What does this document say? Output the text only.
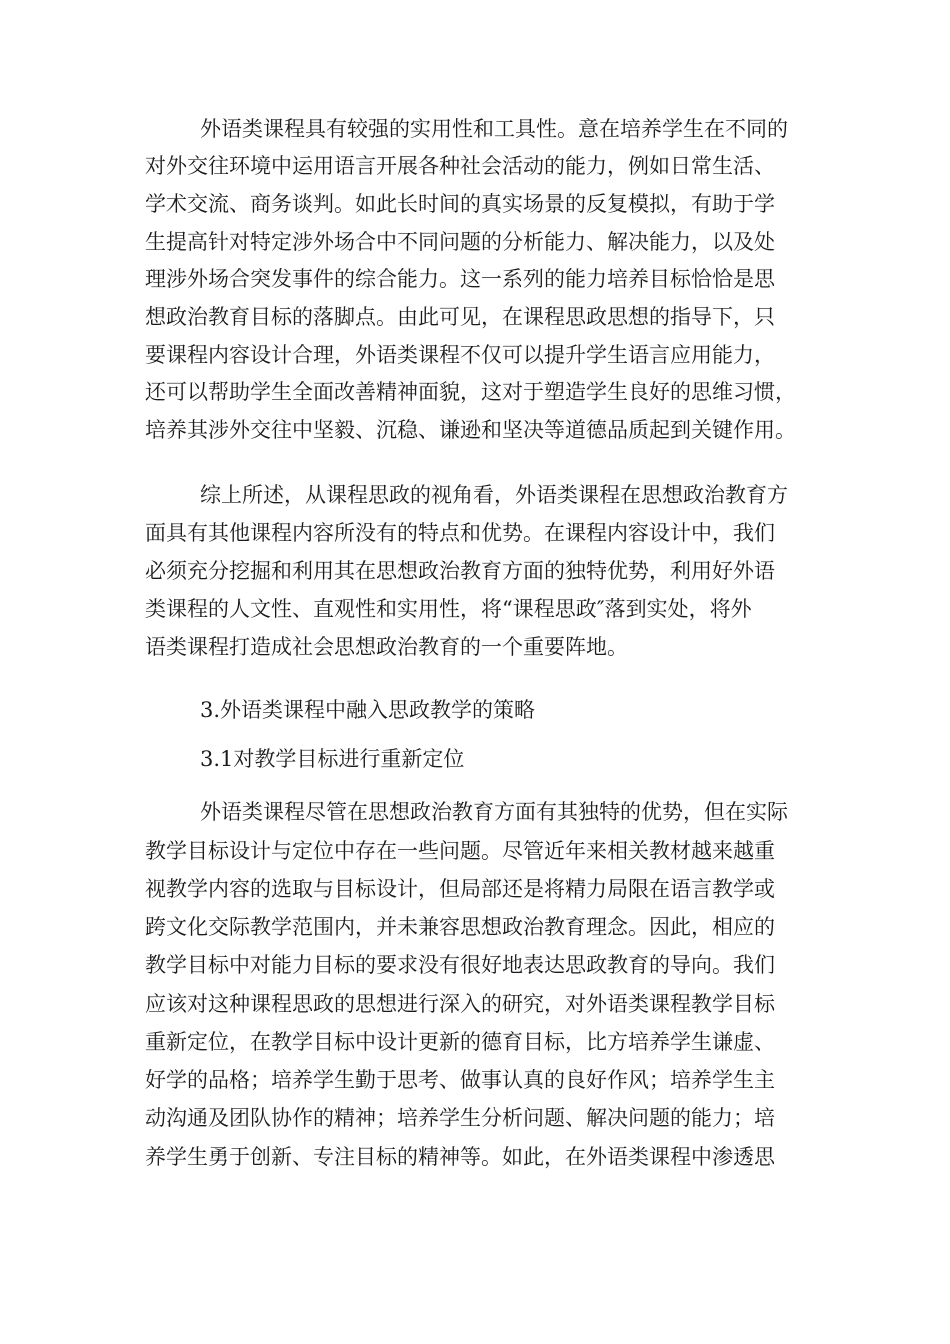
外语类课程具有较强的实用性和工具性。意在培养学生在不同的

对外交往环境中运用语言开展各种社会活动的能力，例如日常生活、

学术交流、商务谈判。如此长时间的真实场景的反复模拟，有助于学

生提高针对特定涉外场合中不同问题的分析能力、解决能力，以及处

理涉外场合突发事件的综合能力。这一系列的能力培养目标恰恰是思

想政治教育目标的落脚点。由此可见，在课程思政思想的指导下，只

要课程内容设计合理，外语类课程不仅可以提升学生语言应用能力，

还可以帮助学生全面改善精神面貌，这对于塑造学生良好的思维习惯，

培养其涉外交往中坚毅、沉稳、谦逊和坚决等道德品质起到关键作用。

综上所述，从课程思政的视角看，外语类课程在思想政治教育方

面具有其他课程内容所没有的特点和优势。在课程内容设计中，我们

必须充分挖掘和利用其在思想政治教育方面的独特优势，利用好外语

类课程的人文性、直观性和实用性，将“课程思政″落到实处，将外

语类课程打造成社会思想政治教育的一个重要阵地。

3.外语类课程中融入思政教学的策略

3.1对教学目标进行重新定位

外语类课程尽管在思想政治教育方面有其独特的优势，但在实际

教学目标设计与定位中存在一些问题。尽管近年来相关教材越来越重

视教学内容的选取与目标设计，但局部还是将精力局限在语言教学或

跨文化交际教学范围内，并未兼容思想政治教育理念。因此，相应的

教学目标中对能力目标的要求没有很好地表达思政教育的导向。我们

应该对这种课程思政的思想进行深入的研究，对外语类课程教学目标

重新定位，在教学目标中设计更新的德育目标，比方培养学生谦虚、

好学的品格；培养学生勤于思考、做事认真的良好作风；培养学生主

动沟通及团队协作的精神；培养学生分析问题、解决问题的能力；培

养学生勇于创新、专注目标的精神等。如此，在外语类课程中渗透思
